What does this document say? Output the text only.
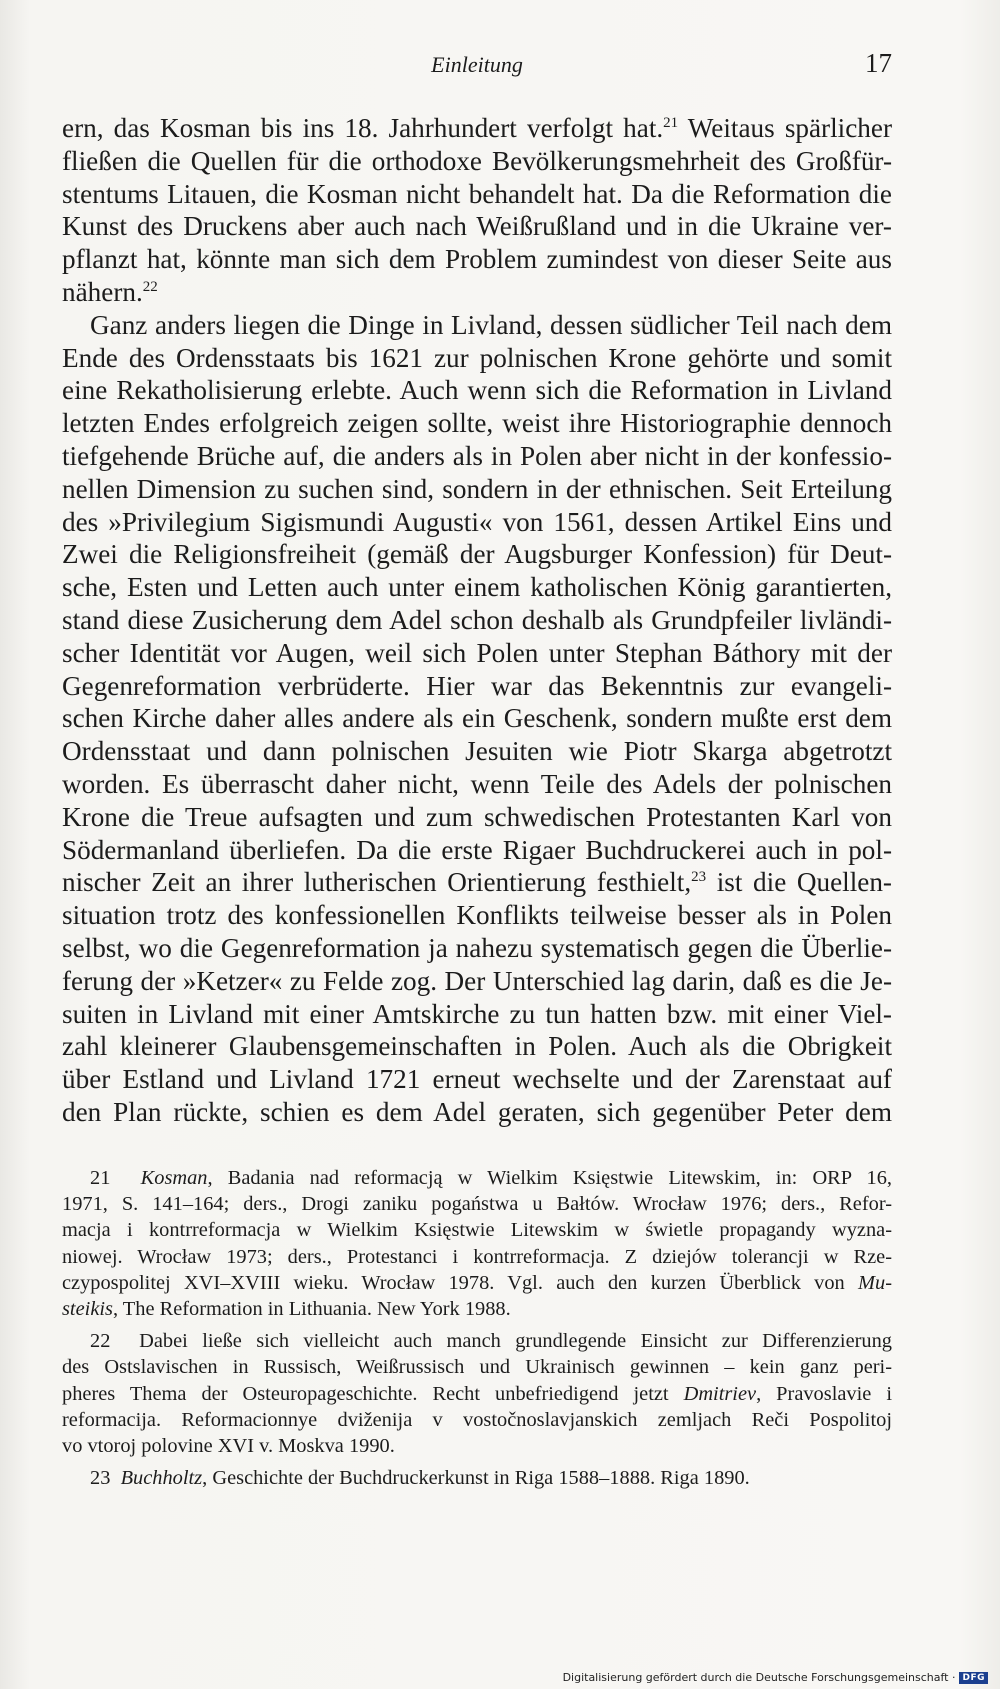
Einleitung	17
ern, das Kosman bis ins 18. Jahrhundert verfolgt hat.$^{21}$ Weitaus spärlicher
fließen die Quellen für die orthodoxe Bevölkerungsmehrheit des Großfür-
stentums Litauen, die Kosman nicht behandelt hat. Da die Reformation die
Kunst des Druckens aber auch nach Weißrußland und in die Ukraine ver-
pflanzt hat, könnte man sich dem Problem zumindest von dieser Seite aus
nähern.$^{22}$
Ganz anders liegen die Dinge in Livland, dessen südlicher Teil nach dem
Ende des Ordensstaats bis 1621 zur polnischen Krone gehörte und somit
eine Rekatholisierung erlebte. Auch wenn sich die Reformation in Livland
letzten Endes erfolgreich zeigen sollte, weist ihre Historiographie dennoch
tiefgehende Brüche auf, die anders als in Polen aber nicht in der konfessio-
nellen Dimension zu suchen sind, sondern in der ethnischen. Seit Erteilung
des »Privilegium Sigismundi Augusti« von 1561, dessen Artikel Eins und
Zwei die Religionsfreiheit (gemäß der Augsburger Konfession) für Deut-
sche, Esten und Letten auch unter einem katholischen König garantierten,
stand diese Zusicherung dem Adel schon deshalb als Grundpfeiler livländi-
scher Identität vor Augen, weil sich Polen unter Stephan Báthory mit der
Gegenreformation verbrüderte. Hier war das Bekenntnis zur evangeli-
schen Kirche daher alles andere als ein Geschenk, sondern mußte erst dem
Ordensstaat und dann polnischen Jesuiten wie Piotr Skarga abgetrotzt
worden. Es überrascht daher nicht, wenn Teile des Adels der polnischen
Krone die Treue aufsagten und zum schwedischen Protestanten Karl von
Södermanland überliefen. Da die erste Rigaer Buchdruckerei auch in pol-
nischer Zeit an ihrer lutherischen Orientierung festhielt,$^{23}$ ist die Quellen-
situation trotz des konfessionellen Konflikts teilweise besser als in Polen
selbst, wo die Gegenreformation ja nahezu systematisch gegen die Überlie-
ferung der »Ketzer« zu Felde zog. Der Unterschied lag darin, daß es die Je-
suiten in Livland mit einer Amtskirche zu tun hatten bzw. mit einer Viel-
zahl kleinerer Glaubensgemeinschaften in Polen. Auch als die Obrigkeit
über Estland und Livland 1721 erneut wechselte und der Zarenstaat auf
den Plan rückte, schien es dem Adel geraten, sich gegenüber Peter dem
21 Kosman, Badania nad reformacją w Wielkim Księstwie Litewskim, in: ORP 16,
1971, S. 141–164; ders., Drogi zaniku pogaństwa u Bałtów. Wrocław 1976; ders., Refor-
macja i kontrreformacja w Wielkim Księstwie Litewskim w świetle propagandy wyzna-
niowej. Wrocław 1973; ders., Protestanci i kontrreformacja. Z dziejów tolerancji w Rze-
czypospolitej XVI–XVIII wieku. Wrocław 1978. Vgl. auch den kurzen Überblick von Mu-
steikis, The Reformation in Lithuania. New York 1988.
22 Dabei ließe sich vielleicht auch manch grundlegende Einsicht zur Differenzierung
des Ostslavischen in Russisch, Weißrussisch und Ukrainisch gewinnen – kein ganz peri-
pheres Thema der Osteuropageschichte. Recht unbefriedigend jetzt Dmitriev, Pravoslavie i
reformacija. Reformacionnye dviženija v vostočnoslavjanskich zemljach Reči Pospolitoj
vo vtoroj polovine XVI v. Moskva 1990.
23 Buchholtz, Geschichte der Buchdruckerkunst in Riga 1588–1888. Riga 1890.
Digitalisierung gefördert durch die Deutsche Forschungsgemeinschaft · DFG
